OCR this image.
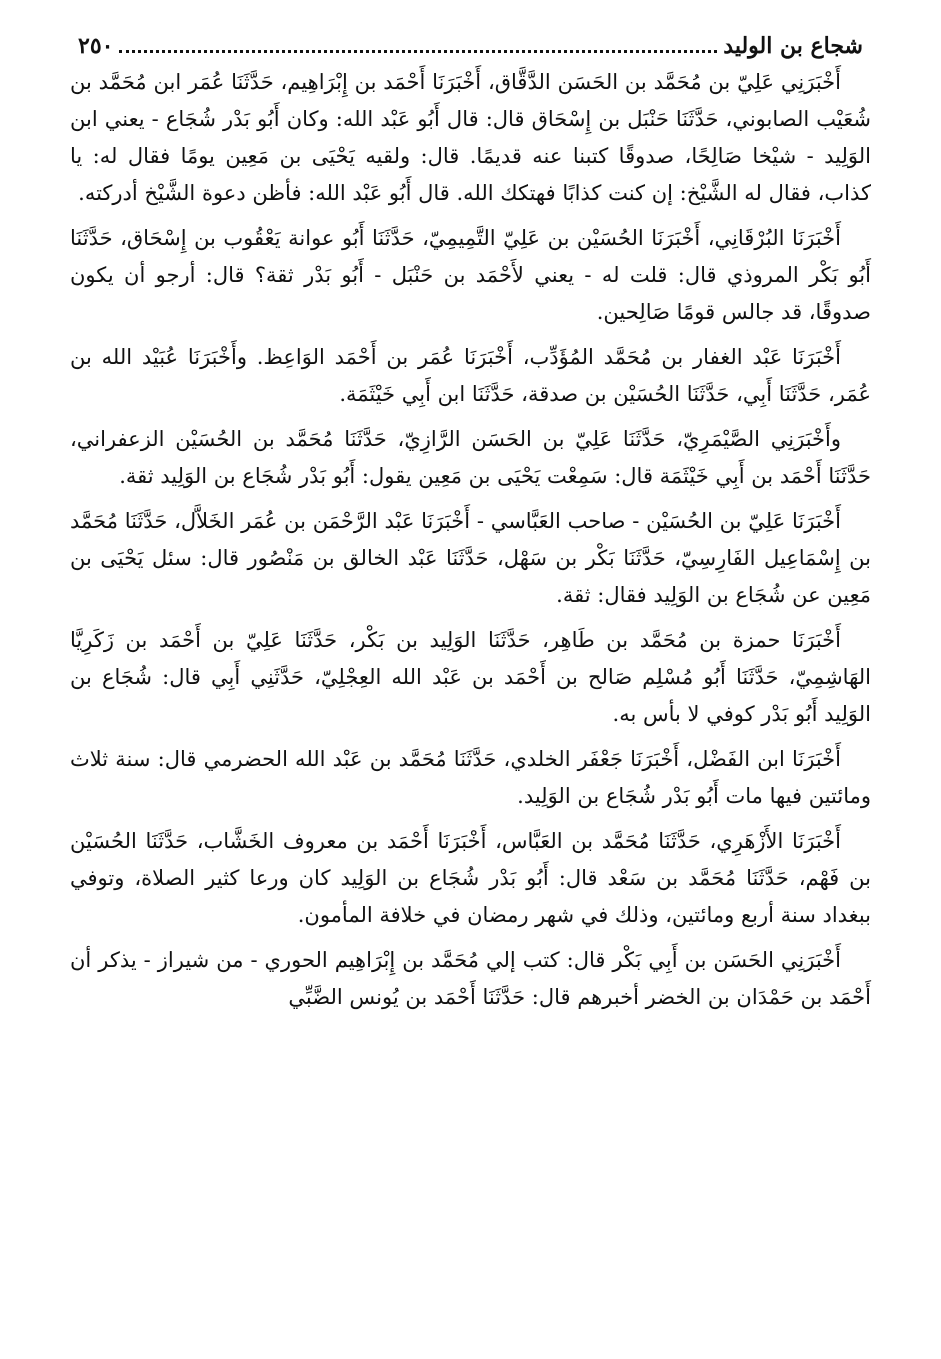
شجاع بن الوليد
٢٥٠

أَخْبَرَنِي عَلِيّ بن مُحَمَّد بن الحَسَن الدَّقَّاق، أَخْبَرَنَا أَحْمَد بن إِبْرَاهِيم، حَدَّثَنَا عُمَر ابن مُحَمَّد بن شُعَيْب الصابوني، حَدَّثَنَا حَنْبَل بن إِسْحَاق قال: قال أَبُو عَبْد الله: وكان أَبُو بَدْر شُجَاع - يعني ابن الوَلِيد - شيْخا صَالِحًا، صدوقًا كتبنا عنه قديمًا. قال: ولقيه يَحْيَى بن مَعِين يومًا فقال له: يا كذاب، فقال له الشَّيْخ: إن كنت كذابًا فهتكك الله. قال أَبُو عَبْد الله: فأظن دعوة الشَّيْخ أدركته.

أَخْبَرَنَا البُرْقَانِي، أَخْبَرَنَا الحُسَيْن بن عَلِيّ التَّمِيمِيّ، حَدَّثَنَا أَبُو عوانة يَعْقُوب بن إِسْحَاق، حَدَّثَنَا أَبُو بَكْر المروذي قال: قلت له - يعني لأَحْمَد بن حَنْبَل - أَبُو بَدْر ثقة؟ قال: أرجو أن يكون صدوقًا، قد جالس قومًا صَالِحين.

أَخْبَرَنَا عَبْد الغفار بن مُحَمَّد المُؤَدِّب، أَخْبَرَنَا عُمَر بن أَحْمَد الوَاعِظ. وأَخْبَرَنَا عُبَيْد الله بن عُمَر، حَدَّثَنَا أَبِي، حَدَّثَنَا الحُسَيْن بن صدقة، حَدَّثَنَا ابن أَبِي خَيْثَمَة.

وأَخْبَرَنِي الصَّيْمَرِيّ، حَدَّثَنَا عَلِيّ بن الحَسَن الرَّازِيّ، حَدَّثَنَا مُحَمَّد بن الحُسَيْن الزعفراني، حَدَّثَنَا أَحْمَد بن أَبِي خَيْثَمَة قال: سَمِعْت يَحْيَى بن مَعِين يقول: أَبُو بَدْر شُجَاع بن الوَلِيد ثقة.

أَخْبَرَنَا عَلِيّ بن الحُسَيْن - صاحب العَبَّاسي - أَخْبَرَنَا عَبْد الرَّحْمَن بن عُمَر الخَلاَّل، حَدَّثَنَا مُحَمَّد بن إِسْمَاعِيل الفَارِسِيّ، حَدَّثَنَا بَكْر بن سَهْل، حَدَّثَنَا عَبْد الخالق بن مَنْصُور قال: سئل يَحْيَى بن مَعِين عن شُجَاع بن الوَلِيد فقال: ثقة.

أَخْبَرَنَا حمزة بن مُحَمَّد بن طَاهِر، حَدَّثَنَا الوَلِيد بن بَكْر، حَدَّثَنَا عَلِيّ بن أَحْمَد بن زَكَرِيَّا الهَاشِمِيّ، حَدَّثَنَا أَبُو مُسْلِم صَالح بن أَحْمَد بن عَبْد الله العِجْلِيّ، حَدَّثَنِي أَبِي قال: شُجَاع بن الوَلِيد أَبُو بَدْر كوفي لا بأس به.

أَخْبَرَنَا ابن الفَضْل، أَخْبَرَنَا جَعْفَر الخلدي، حَدَّثَنَا مُحَمَّد بن عَبْد الله الحضرمي قال: سنة ثلاث ومائتين فيها مات أَبُو بَدْر شُجَاع بن الوَلِيد.

أَخْبَرَنَا الأَزْهَرِي، حَدَّثَنَا مُحَمَّد بن العَبَّاس، أَخْبَرَنَا أَحْمَد بن معروف الخَشَّاب، حَدَّثَنَا الحُسَيْن بن فَهْم، حَدَّثَنَا مُحَمَّد بن سَعْد قال: أَبُو بَدْر شُجَاع بن الوَلِيد كان ورعا كثير الصلاة، وتوفي ببغداد سنة أربع ومائتين، وذلك في شهر رمضان في خلافة المأمون.

أَخْبَرَنِي الحَسَن بن أَبِي بَكْر قال: كتب إلي مُحَمَّد بن إِبْرَاهِيم الحوري - من شيراز - يذكر أن أَحْمَد بن حَمْدَان بن الخضر أخبرهم قال: حَدَّثَنَا أَحْمَد بن يُونس الضَّبِّي
